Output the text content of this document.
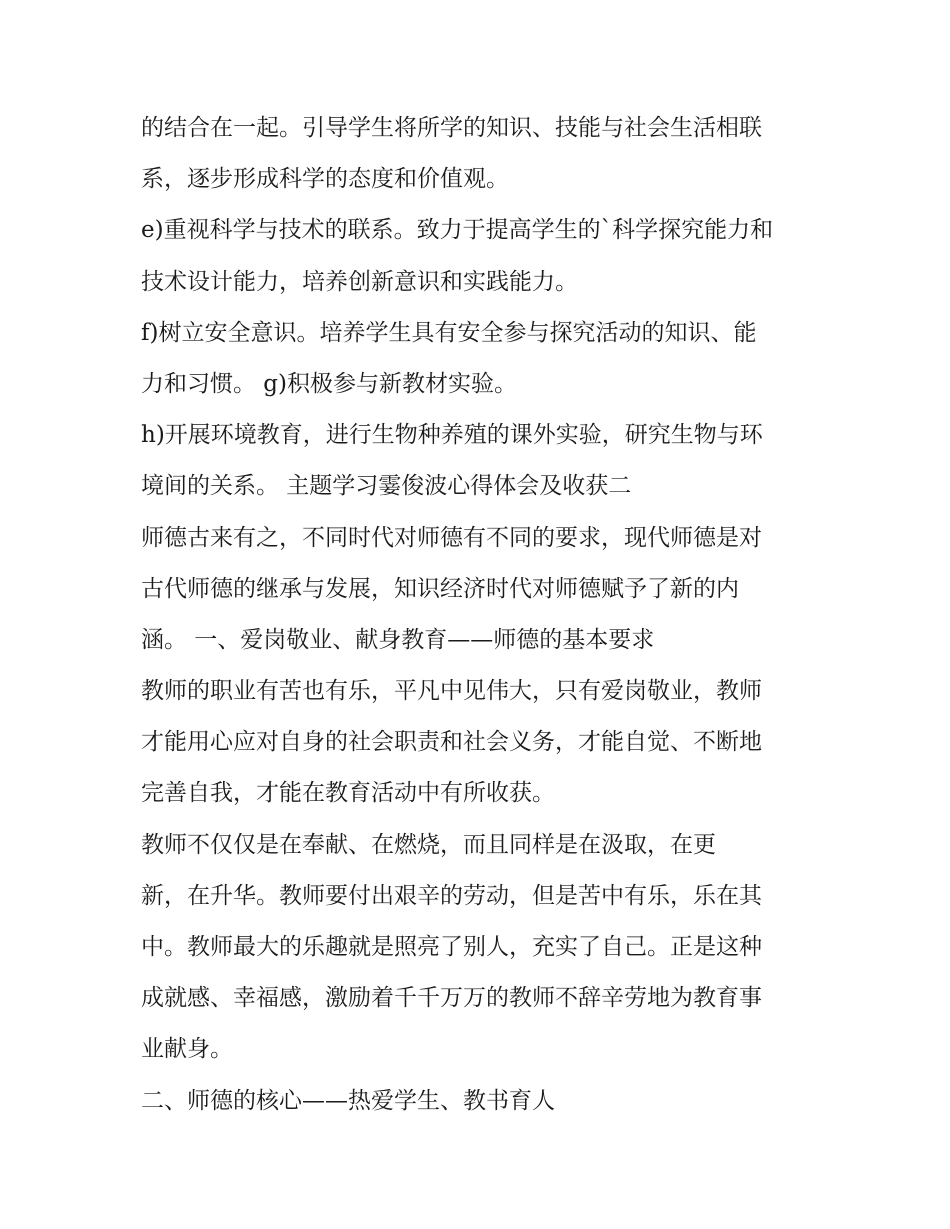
的结合在一起。引导学生将所学的知识、技能与社会生活相联
系，逐步形成科学的态度和价值观。
e)重视科学与技术的联系。致力于提高学生的`科学探究能力和
技术设计能力，培养创新意识和实践能力。
f)树立安全意识。培养学生具有安全参与探究活动的知识、能
力和习惯。 g)积极参与新教材实验。
h)开展环境教育，进行生物种养殖的课外实验，研究生物与环
境间的关系。 主题学习霎俊波心得体会及收获二
师德古来有之，不同时代对师德有不同的要求，现代师德是对
古代师德的继承与发展，知识经济时代对师德赋予了新的内
涵。 一、爱岗敬业、献身教育——师德的基本要求
教师的职业有苦也有乐，平凡中见伟大，只有爱岗敬业，教师
才能用心应对自身的社会职责和社会义务，才能自觉、不断地
完善自我，才能在教育活动中有所收获。
教师不仅仅是在奉献、在燃烧，而且同样是在汲取，在更
新，在升华。教师要付出艰辛的劳动，但是苦中有乐，乐在其
中。教师最大的乐趣就是照亮了别人，充实了自己。正是这种
成就感、幸福感，激励着千千万万的教师不辞辛劳地为教育事
业献身。
二、师德的核心——热爱学生、教书育人
